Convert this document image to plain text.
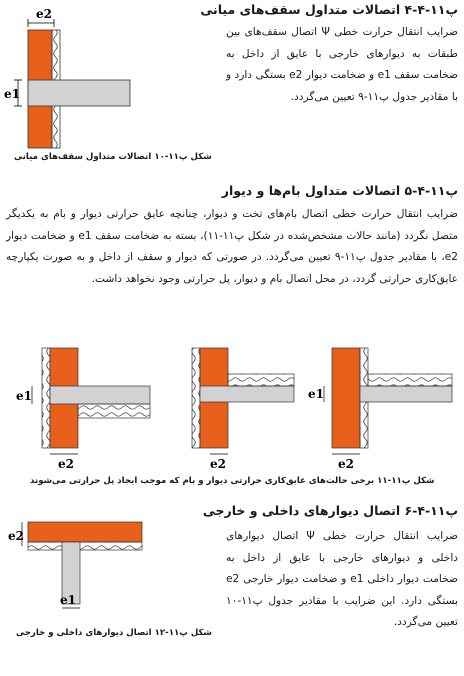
پ۱۱-۴-۴ اتصالات متداول سقف‌های میانی
ضرایب انتقال حرارت خطی Ψ اتصال سقف‌های بین طبقات به دیوارهای خارجی با عایق از داخل به ضخامت سقف e1 و ضخامت دیوار e2 بستگی دارد و با مقادیر جدول پ۱۱-۹ تعیین می‌گردد.
e2
e1
شکل پ۱۱-۱۰ اتصالات متداول سقف‌های میانی
پ۱۱-۴-۵ اتصالات متداول بام‌ها و دیوار
ضرایب انتقال حرارت خطی اتصال بام‌های تخت و دیوار، چنانچه عایق حرارتی دیوار و بام به یکدیگر متصل نگردد (مانند حالات مشخص‌شده در شکل پ۱۱-۱۱)، بسته به ضخامت سقف e1 و ضخامت دیوار e2، با مقادیر جدول پ۱۱-۹ تعیین می‌گردد. در صورتی که دیوار و سقف از داخل و به صورت یکپارچه عایق‌کاری حرارتی گردد، در محل اتصال بام و دیوار، پل حرارتی وجود نخواهد داشت.
e1
e2	e2
e1
e2
شکل پ۱۱-۱۱ برخی حالت‌های عایق‌کاری حرارتی دیوار و بام که موجب ایجاد پل حرارتی می‌شوند
پ۱۱-۴-۶ اتصال دیوارهای داخلی و خارجی
ضرایب انتقال حرارت خطی Ψ اتصال دیوارهای داخلی و دیوارهای خارجی با عایق از داخل به ضخامت دیوار داخلی e1 و ضخامت دیوار خارجی e2 بستگی دارد. این ضرایب با مقادیر جدول پ۱۱-۱۰ تعیین می‌گردد.
e2
e1
شکل پ۱۱-۱۲ اتصال دیوارهای داخلی و خارجی
